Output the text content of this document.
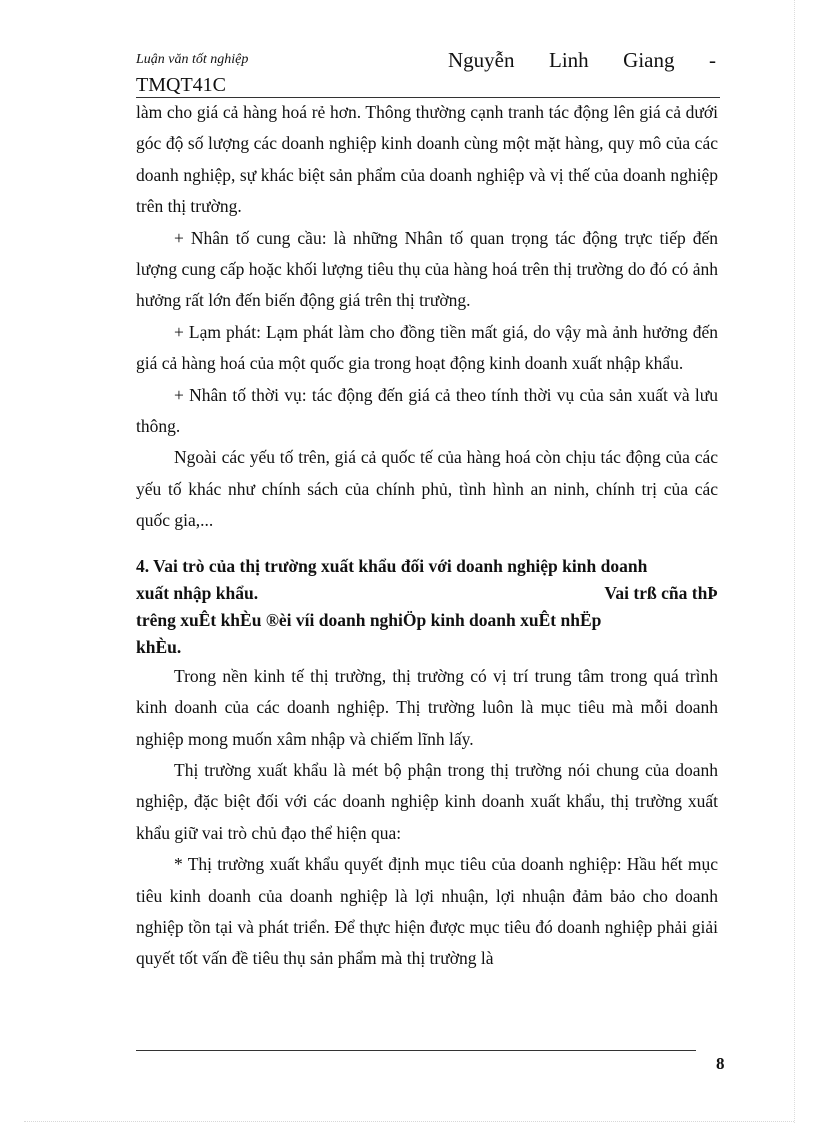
Luận văn tốt nghiệp	Nguyễn Linh Giang -
TMQT41C

làm cho giá cả hàng hoá rẻ hơn. Thông thường cạnh tranh tác động lên giá cả dưới góc độ số lượng các doanh nghiệp kinh doanh cùng một mặt hàng, quy mô của các doanh nghiệp, sự khác biệt sản phẩm của doanh nghiệp và vị thế của doanh nghiệp trên thị trường.

+ Nhân tố cung cầu: là những Nhân tố quan trọng tác động trực tiếp đến lượng cung cấp hoặc khối lượng tiêu thụ của hàng hoá trên thị trường do đó có ảnh hưởng rất lớn đến biến động giá trên thị trường.

+ Lạm phát: Lạm phát làm cho đồng tiền mất giá, do vậy mà ảnh hưởng đến giá cả hàng hoá của một quốc gia trong hoạt động kinh doanh xuất nhập khẩu.

+ Nhân tố thời vụ: tác động đến giá cả theo tính thời vụ của sản xuất và lưu thông.

Ngoài các yếu tố trên, giá cả quốc tế của hàng hoá còn chịu tác động của các yếu tố khác như chính sách của chính phủ, tình hình an ninh, chính trị của các quốc gia,...

4. Vai trò của thị trường xuất khẩu đối với doanh nghiệp kinh doanh
xuất nhập khẩu.	Vai trß cña thÞ
trêng xuÊt khÈu ®èi víi doanh nghiÖp kinh doanh xuÊt nhËp
khÈu.

Trong nền kinh tế thị trường, thị trường có vị trí trung tâm trong quá trình kinh doanh của các doanh nghiệp. Thị trường luôn là mục tiêu mà mỗi doanh nghiệp mong muốn xâm nhập và chiếm lĩnh lấy.

Thị trường xuất khẩu là mét bộ phận trong thị trường nói chung của doanh nghiệp, đặc biệt đối với các doanh nghiệp kinh doanh xuất khẩu, thị trường xuất khẩu giữ vai trò chủ đạo thể hiện qua:

* Thị trường xuất khẩu quyết định mục tiêu của doanh nghiệp: Hầu hết mục tiêu kinh doanh của doanh nghiệp là lợi nhuận, lợi nhuận đảm bảo cho doanh nghiệp tồn tại và phát triển. Để thực hiện được mục tiêu đó doanh nghiệp phải giải quyết tốt vấn đề tiêu thụ sản phẩm mà thị trường là

8
